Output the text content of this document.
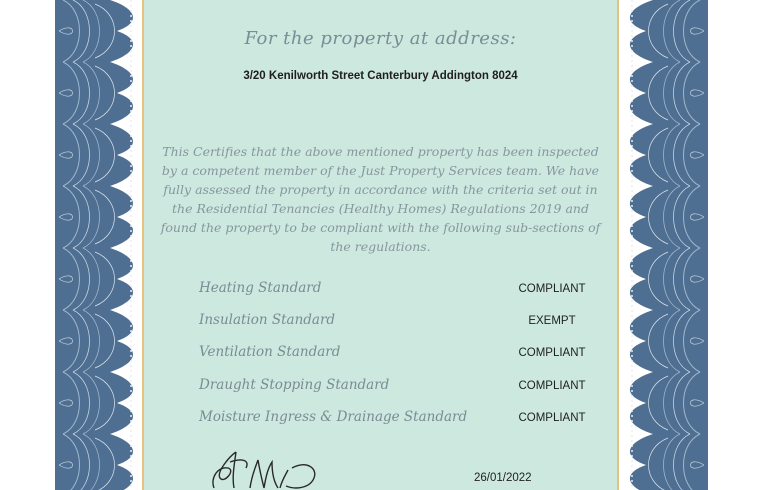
For the property at address:
3/20 Kenilworth Street Canterbury Addington 8024
This Certifies that the above mentioned property has been inspected by a competent member of the Just Property Services team. We have fully assessed the property in accordance with the criteria set out in the Residential Tenancies (Healthy Homes) Regulations 2019 and found the property to be compliant with the following sub-sections of the regulations.
Heating Standard	COMPLIANT
Insulation Standard	EXEMPT
Ventilation Standard	COMPLIANT
Draught Stopping Standard	COMPLIANT
Moisture Ingress & Drainage Standard	COMPLIANT
26/01/2022
